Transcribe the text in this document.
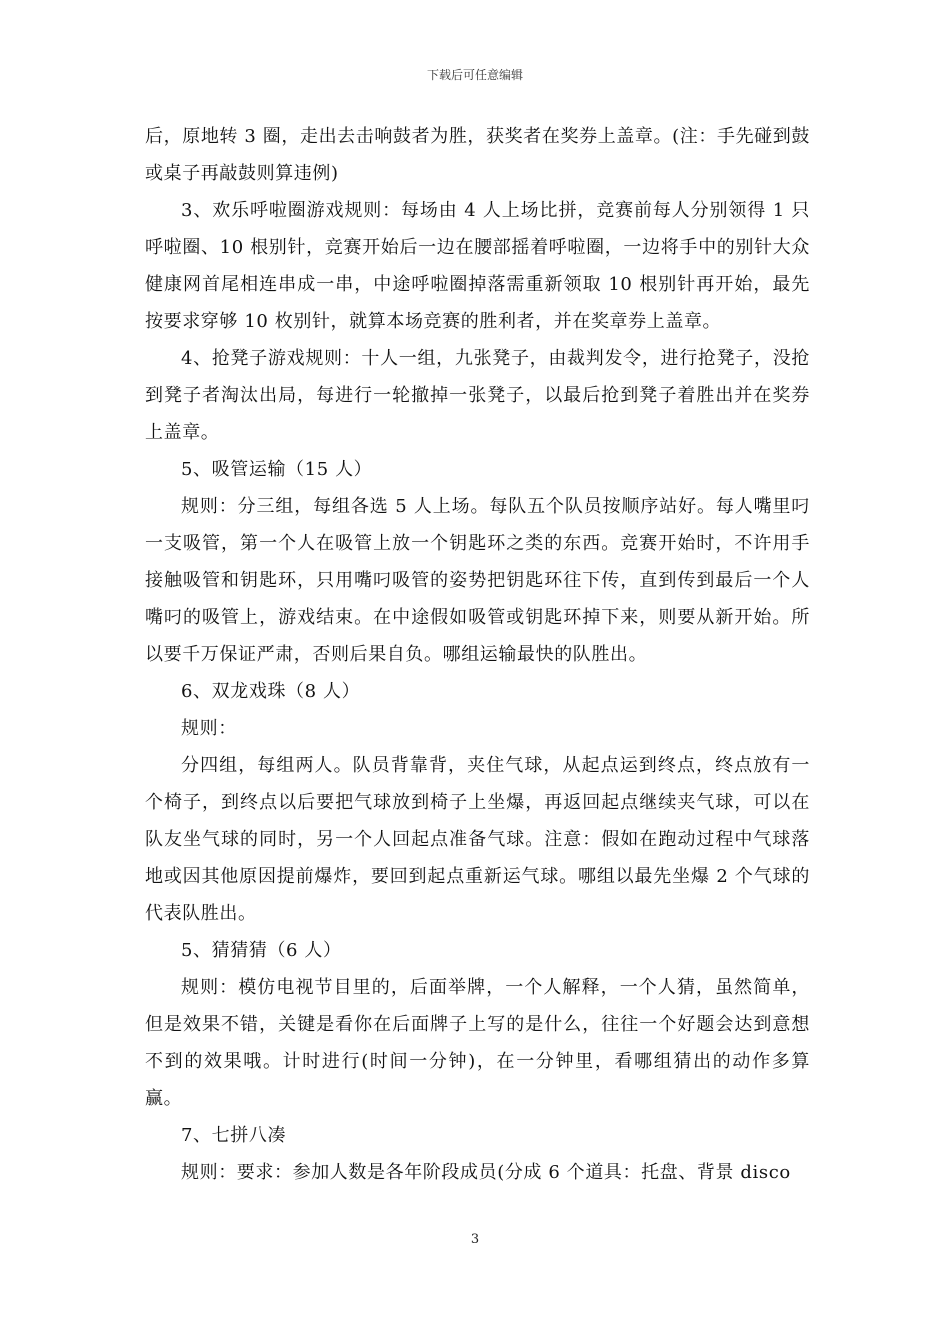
下载后可任意编辑

后，原地转 3 圈，走出去击响鼓者为胜，获奖者在奖券上盖章。(注：手先碰到鼓或桌子再敲鼓则算违例)

3、欢乐呼啦圈游戏规则：每场由 4 人上场比拼，竞赛前每人分别领得 1 只呼啦圈、10 根别针，竞赛开始后一边在腰部摇着呼啦圈，一边将手中的别针大众健康网首尾相连串成一串，中途呼啦圈掉落需重新领取 10 根别针再开始，最先按要求穿够 10 枚别针，就算本场竞赛的胜利者，并在奖章券上盖章。

4、抢凳子游戏规则：十人一组，九张凳子，由裁判发令，进行抢凳子，没抢到凳子者淘汰出局，每进行一轮撤掉一张凳子，以最后抢到凳子着胜出并在奖券上盖章。

5、吸管运输（15 人）

规则：分三组，每组各选 5 人上场。每队五个队员按顺序站好。每人嘴里叼一支吸管，第一个人在吸管上放一个钥匙环之类的东西。竞赛开始时，不许用手接触吸管和钥匙环，只用嘴叼吸管的姿势把钥匙环往下传，直到传到最后一个人嘴叼的吸管上，游戏结束。在中途假如吸管或钥匙环掉下来，则要从新开始。所以要千万保证严肃，否则后果自负。哪组运输最快的队胜出。

6、双龙戏珠（8 人）

规则：

分四组，每组两人。队员背靠背，夹住气球，从起点运到终点，终点放有一个椅子，到终点以后要把气球放到椅子上坐爆，再返回起点继续夹气球，可以在队友坐气球的同时，另一个人回起点准备气球。注意：假如在跑动过程中气球落地或因其他原因提前爆炸，要回到起点重新运气球。哪组以最先坐爆 2 个气球的代表队胜出。

5、猜猜猜（6 人）

规则：模仿电视节目里的，后面举牌，一个人解释，一个人猜，虽然简单，但是效果不错，关键是看你在后面牌子上写的是什么，往往一个好题会达到意想不到的效果哦。计时进行(时间一分钟)，在一分钟里，看哪组猜出的动作多算赢。

7、七拼八凑

规则：要求：参加人数是各年阶段成员(分成 6 个道具：托盘、背景 disco

3
